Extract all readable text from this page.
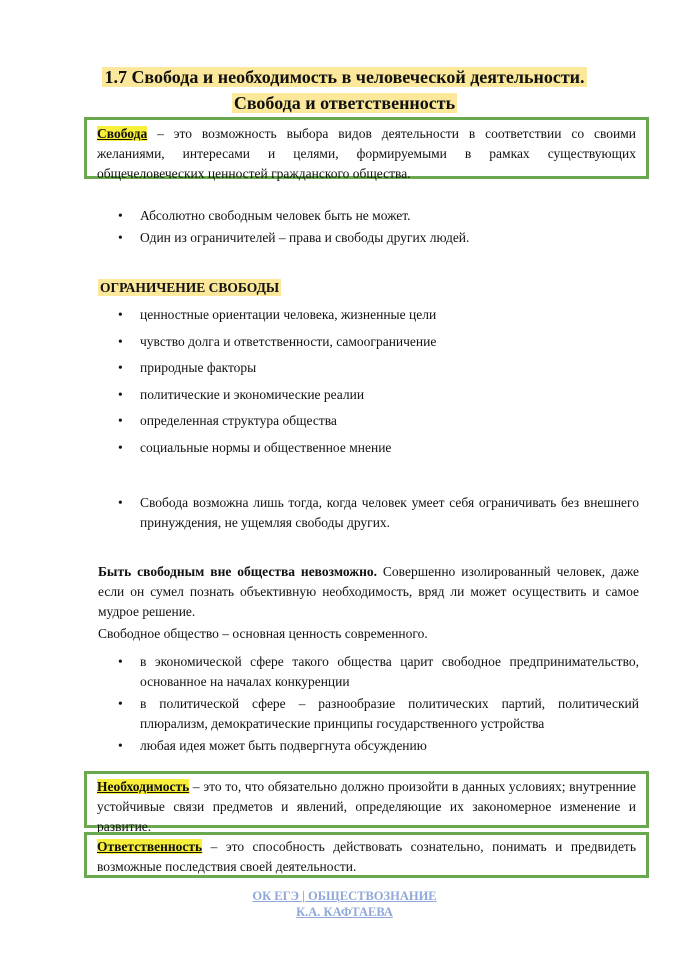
1.7 Свобода и необходимость в человеческой деятельности.
Свобода и ответственность
Свобода – это возможность выбора видов деятельности в соответствии со своими желаниями, интересами и целями, формируемыми в рамках существующих общечеловеческих ценностей гражданского общества.
• Абсолютно свободным человек быть не может.
• Один из ограничителей – права и свободы других людей.
ОГРАНИЧЕНИЕ СВОБОДЫ
• ценностные ориентации человека, жизненные цели
• чувство долга и ответственности, самоограничение
• природные факторы
• политические и экономические реалии
• определенная структура общества
• социальные нормы и общественное мнение
• Свобода возможна лишь тогда, когда человек умеет себя ограничивать без внешнего принуждения, не ущемляя свободы других.
Быть свободным вне общества невозможно. Совершенно изолированный человек, даже если он сумел познать объективную необходимость, вряд ли может осуществить и самое мудрое решение.
Свободное общество – основная ценность современного.
• в экономической сфере такого общества царит свободное предпринимательство, основанное на началах конкуренции
• в политической сфере – разнообразие политических партий, политический плюрализм, демократические принципы государственного устройства
• любая идея может быть подвергнута обсуждению
Необходимость – это то, что обязательно должно произойти в данных условиях; внутренние устойчивые связи предметов и явлений, определяющие их закономерное изменение и развитие.
Ответственность – это способность действовать сознательно, понимать и предвидеть возможные последствия своей деятельности.
ОК ЕГЭ | ОБЩЕСТВОЗНАНИЕ
К.А. КАФТАЕВА
